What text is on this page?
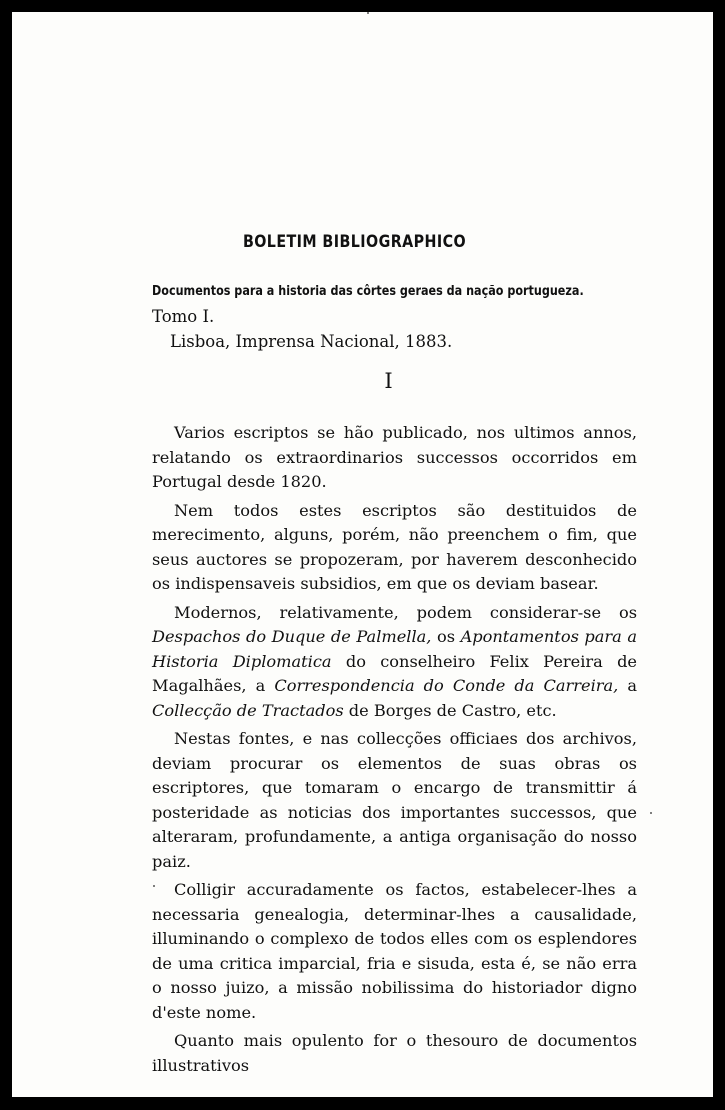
BOLETIM BIBLIOGRAPHICO
Documentos para a historia das côrtes geraes da nação portugueza. Tomo I.
Lisboa, Imprensa Nacional, 1883.
I

Varios escriptos se hão publicado, nos ultimos annos, relatando os extraordinarios successos occorridos em Portugal desde 1820.

Nem todos estes escriptos são destituidos de merecimento, alguns, porém, não preenchem o fim, que seus auctores se propozeram, por haverem desconhecido os indispensaveis subsidios, em que os deviam basear.

Modernos, relativamente, podem considerar-se os Despachos do Duque de Palmella, os Apontamentos para a Historia Diplomatica do conselheiro Felix Pereira de Magalhães, a Correspondencia do Conde da Carreira, a Collecção de Tractados de Borges de Castro, etc.

Nestas fontes, e nas collecções officiaes dos archivos, deviam procurar os elementos de suas obras os escriptores, que tomaram o encargo de transmittir á posteridade as noticias dos importantes successos, que alteraram, profundamente, a antiga organisação do nosso paiz.

Colligir accuradamente os factos, estabelecer-lhes a necessaria genealogia, determinar-lhes a causalidade, illuminando o complexo de todos elles com os esplendores de uma critica imparcial, fria e sisuda, esta é, se não erra o nosso juizo, a missão nobilissima do historiador digno d'este nome.

Quanto mais opulento for o thesouro de documentos illustrativos
